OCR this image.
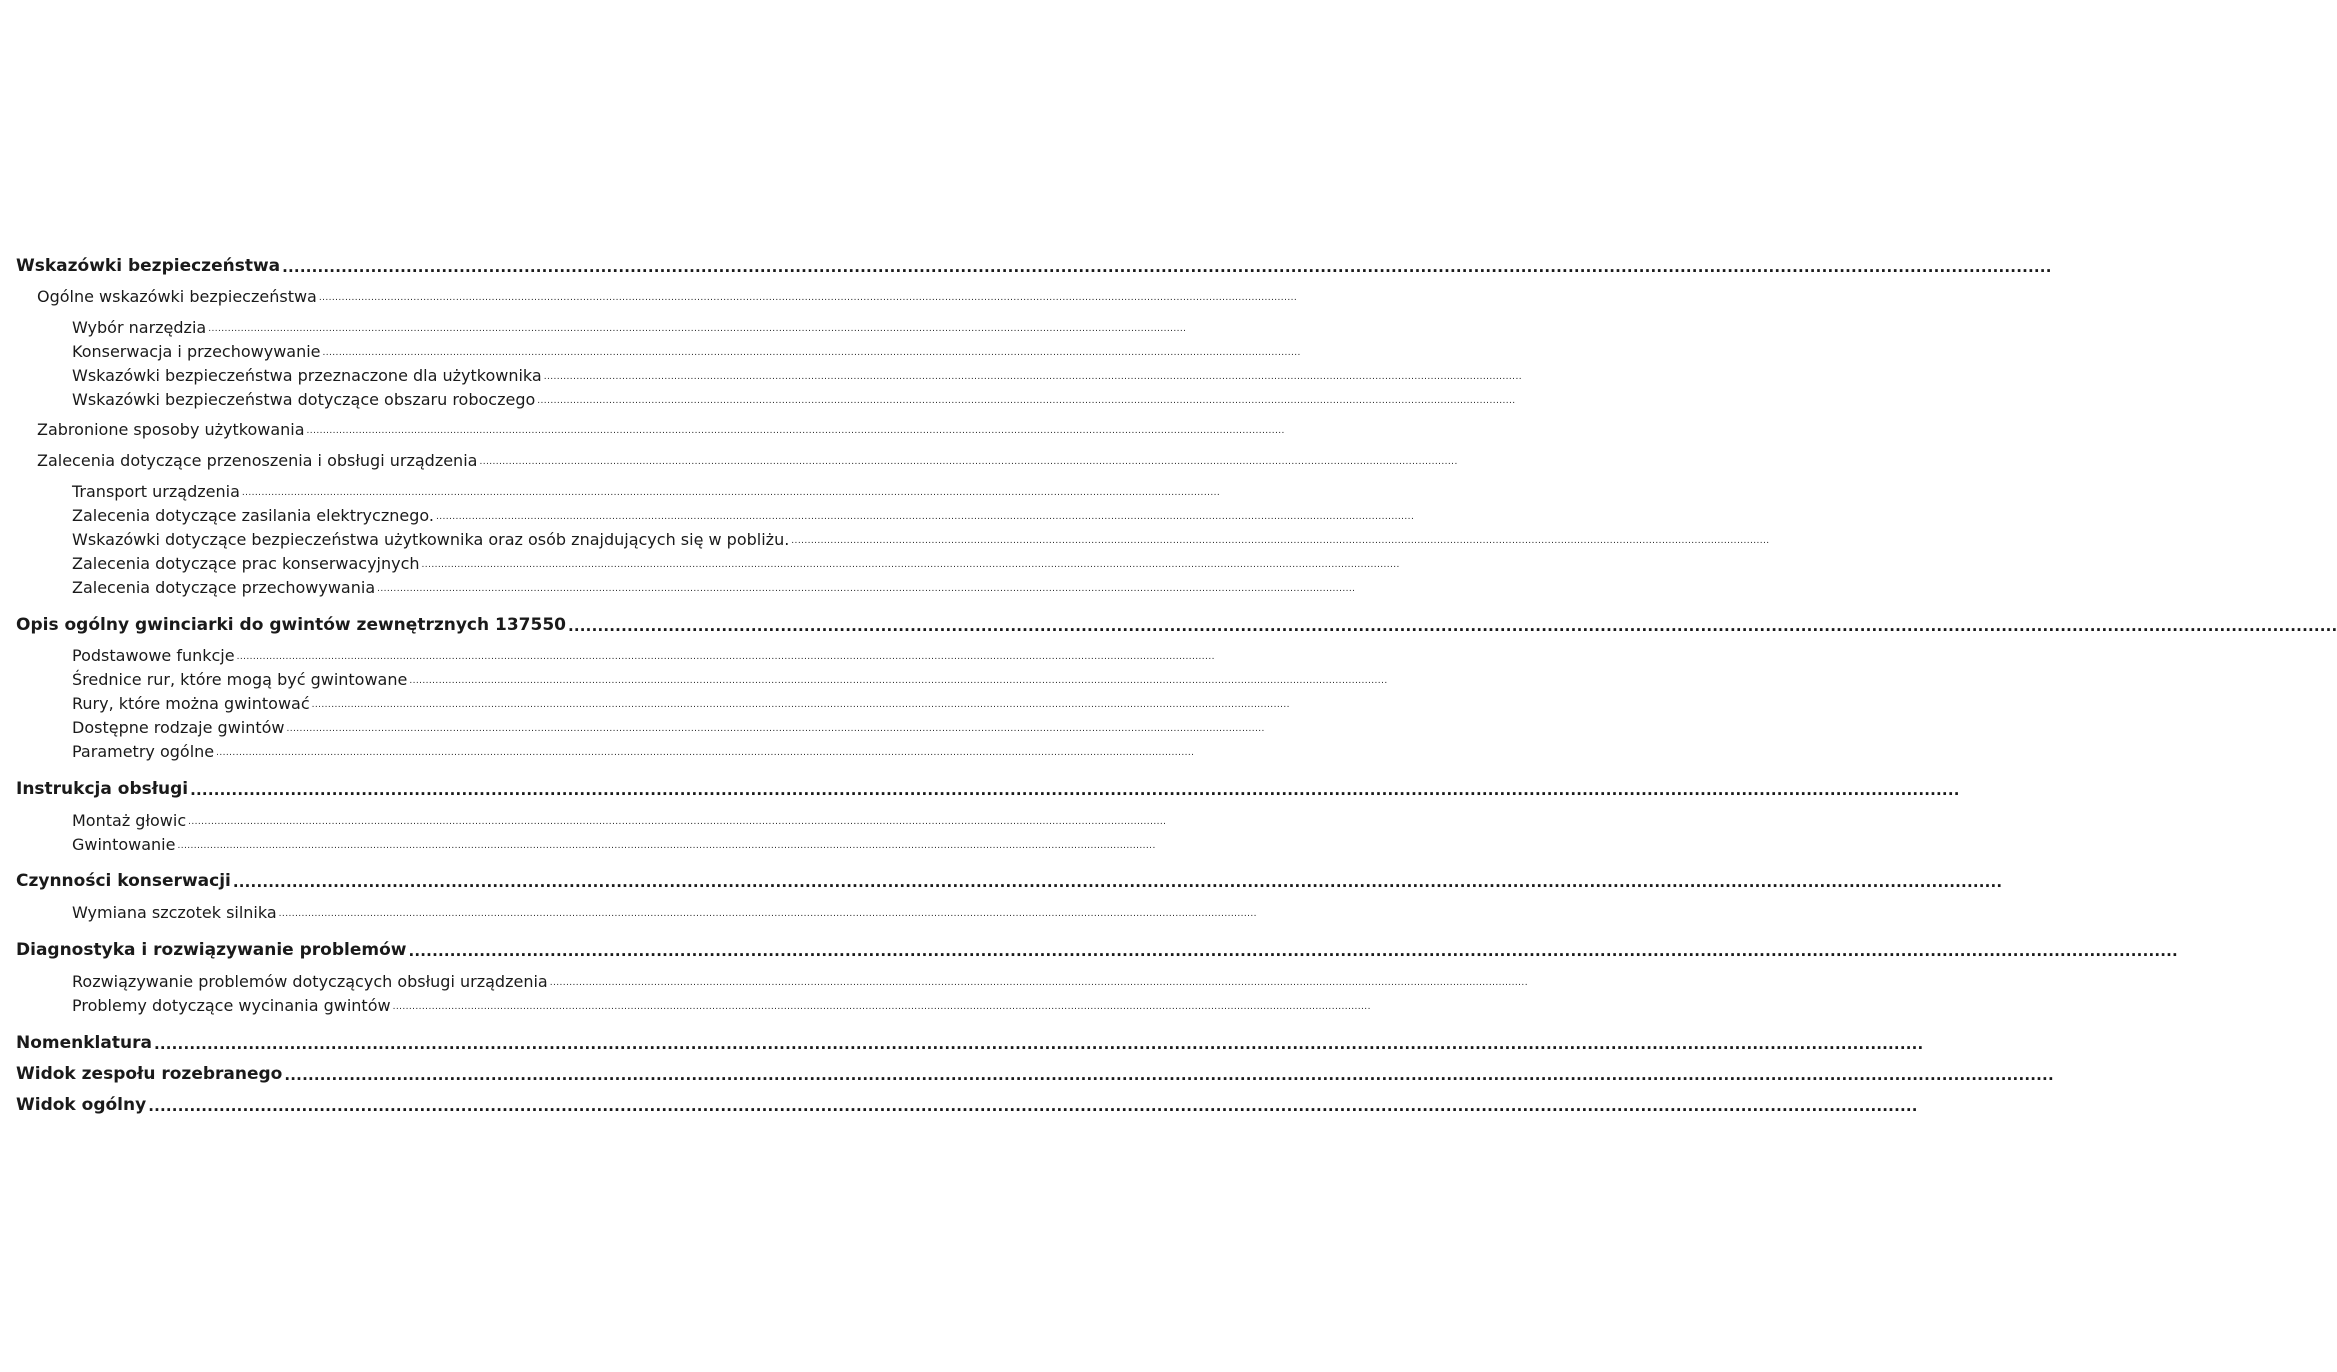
Wskazówki bezpieczeństwa ............................................................................................................................................................................................................................................................................................................
Ogólne wskazówki bezpieczeństwa ............................................................................................................................................................................................................................................................................................................
Wybór narzędzia ............................................................................................................................................................................................................................................................................................................
Konserwacja i przechowywanie ............................................................................................................................................................................................................................................................................................................
Wskazówki bezpieczeństwa przeznaczone dla użytkownika ............................................................................................................................................................................................................................................................................................................
Wskazówki bezpieczeństwa dotyczące obszaru roboczego ............................................................................................................................................................................................................................................................................................................
Zabronione sposoby użytkowania ............................................................................................................................................................................................................................................................................................................
Zalecenia dotyczące przenoszenia i obsługi urządzenia ............................................................................................................................................................................................................................................................................................................
Transport urządzenia ............................................................................................................................................................................................................................................................................................................
Zalecenia dotyczące zasilania elektrycznego. ............................................................................................................................................................................................................................................................................................................
Wskazówki dotyczące bezpieczeństwa użytkownika oraz osób znajdujących się w pobliżu. ............................................................................................................................................................................................................................................................................................................
Zalecenia dotyczące prac konserwacyjnych ............................................................................................................................................................................................................................................................................................................
Zalecenia dotyczące przechowywania ............................................................................................................................................................................................................................................................................................................
Opis ogólny gwinciarki do gwintów zewnętrznych 137550 ............................................................................................................................................................................................................................................................................................................
Podstawowe funkcje ............................................................................................................................................................................................................................................................................................................
Średnice rur, które mogą być gwintowane ............................................................................................................................................................................................................................................................................................................
Rury, które można gwintować ............................................................................................................................................................................................................................................................................................................
Dostępne rodzaje gwintów ............................................................................................................................................................................................................................................................................................................
Parametry ogólne ............................................................................................................................................................................................................................................................................................................
Instrukcja obsługi ............................................................................................................................................................................................................................................................................................................
Montaż głowic ............................................................................................................................................................................................................................................................................................................
Gwintowanie ............................................................................................................................................................................................................................................................................................................
Czynności konserwacji ............................................................................................................................................................................................................................................................................................................
Wymiana szczotek silnika ............................................................................................................................................................................................................................................................................................................
Diagnostyka i rozwiązywanie problemów ............................................................................................................................................................................................................................................................................................................
Rozwiązywanie problemów dotyczących obsługi urządzenia ............................................................................................................................................................................................................................................................................................................
Problemy dotyczące wycinania gwintów ............................................................................................................................................................................................................................................................................................................
Nomenklatura ............................................................................................................................................................................................................................................................................................................
Widok zespołu rozebranego ............................................................................................................................................................................................................................................................................................................
Widok ogólny ............................................................................................................................................................................................................................................................................................................
